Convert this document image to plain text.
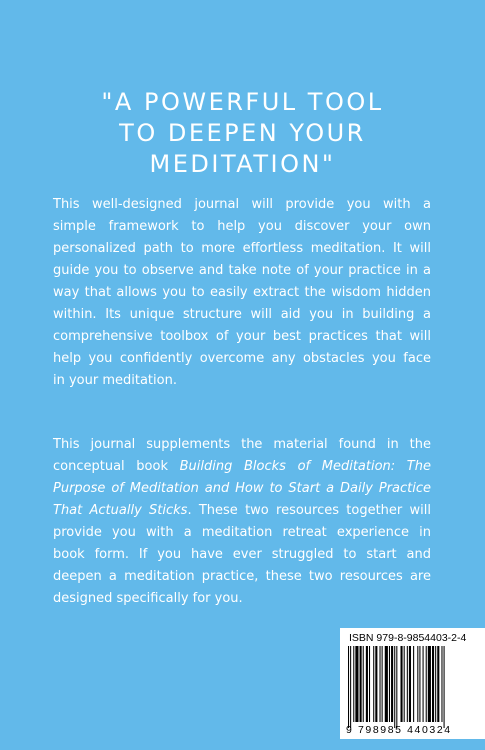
"A POWERFUL TOOL
TO DEEPEN YOUR
MEDITATION"
This well-designed journal will provide you with a
simple framework to help you discover your own
personalized path to more effortless meditation. It will
guide you to observe and take note of your practice in a
way that allows you to easily extract the wisdom hidden
within. Its unique structure will aid you in building a
comprehensive toolbox of your best practices that will
help you confidently overcome any obstacles you face
in your meditation.
This journal supplements the material found in the
conceptual book Building Blocks of Meditation: The
Purpose of Meditation and How to Start a Daily Practice
That Actually Sticks. These two resources together will
provide you with a meditation retreat experience in
book form. If you have ever struggled to start and
deepen a meditation practice, these two resources are
designed specifically for you.
ISBN 979-8-9854403-2-4
9 798985 440324
